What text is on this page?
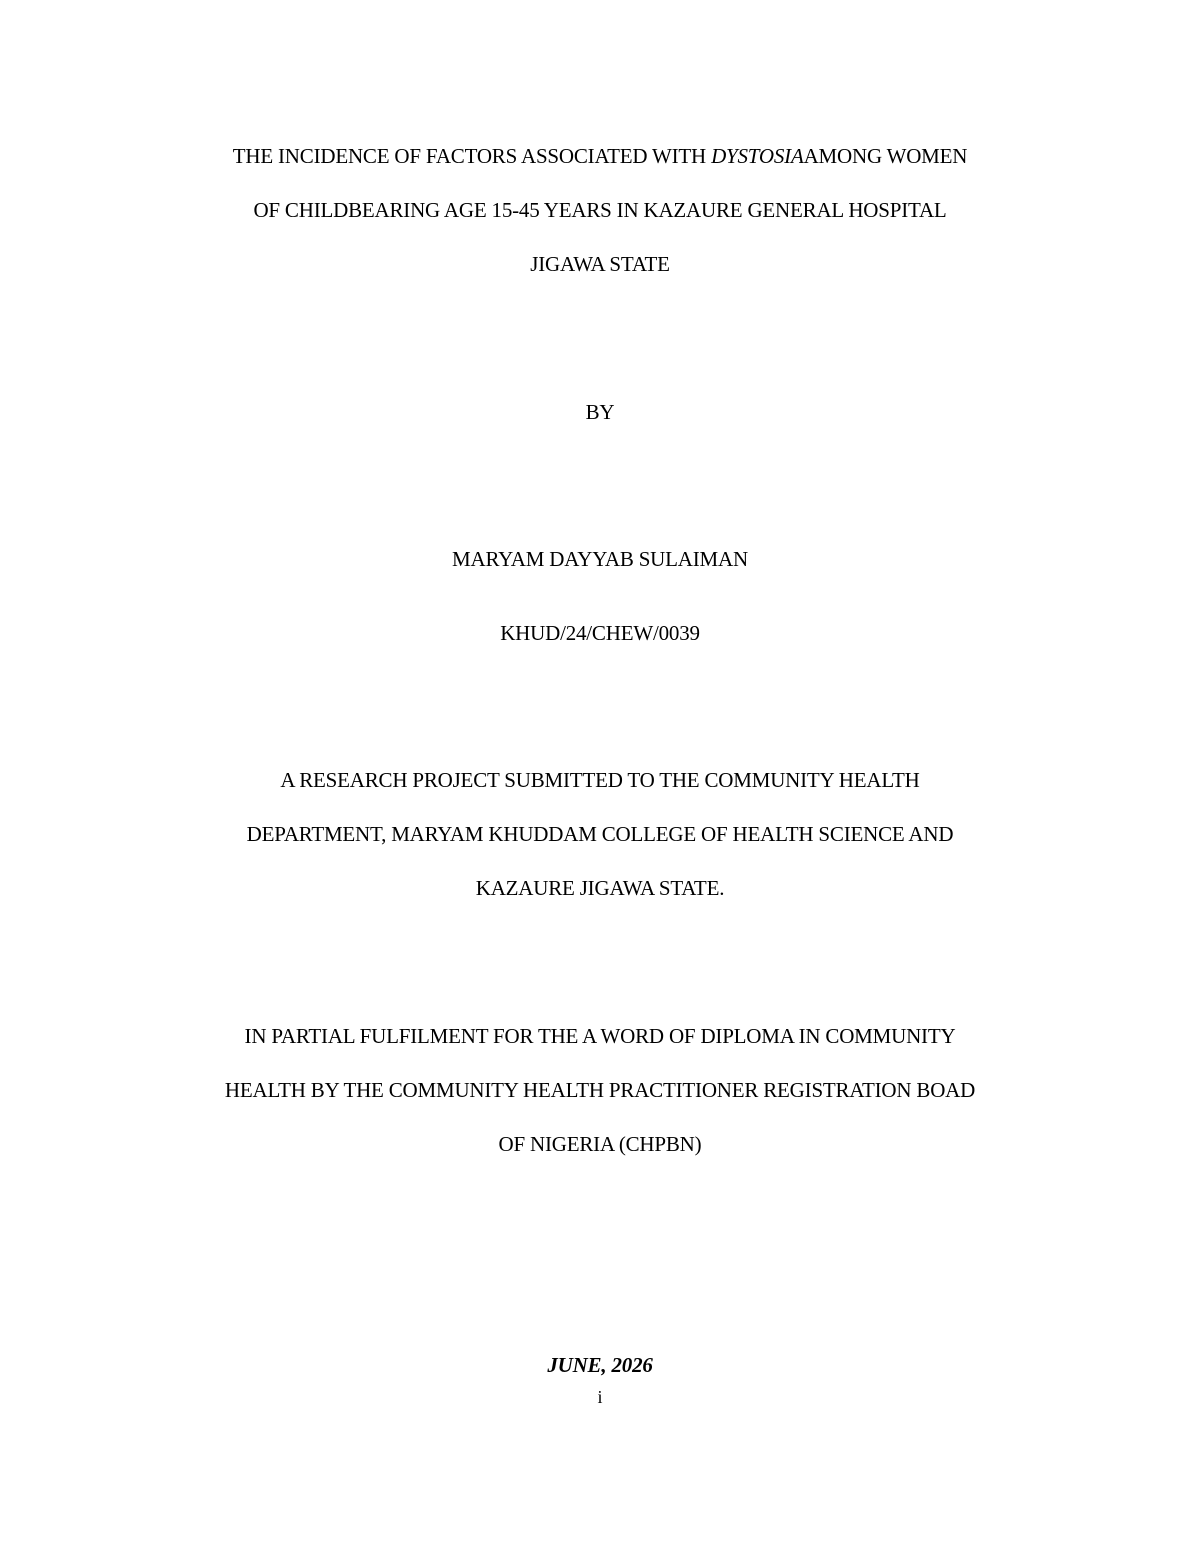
THE INCIDENCE OF FACTORS ASSOCIATED WITH DYSTOSIAAMONG WOMEN
OF CHILDBEARING AGE 15-45 YEARS IN KAZAURE GENERAL HOSPITAL
JIGAWA STATE
BY
MARYAM DAYYAB SULAIMAN
KHUD/24/CHEW/0039
A RESEARCH PROJECT SUBMITTED TO THE COMMUNITY HEALTH
DEPARTMENT, MARYAM KHUDDAM COLLEGE OF HEALTH SCIENCE AND
KAZAURE JIGAWA STATE.
IN PARTIAL FULFILMENT FOR THE A WORD OF DIPLOMA IN COMMUNITY
HEALTH BY THE COMMUNITY HEALTH PRACTITIONER REGISTRATION BOAD
OF NIGERIA (CHPBN)
JUNE, 2026
i
